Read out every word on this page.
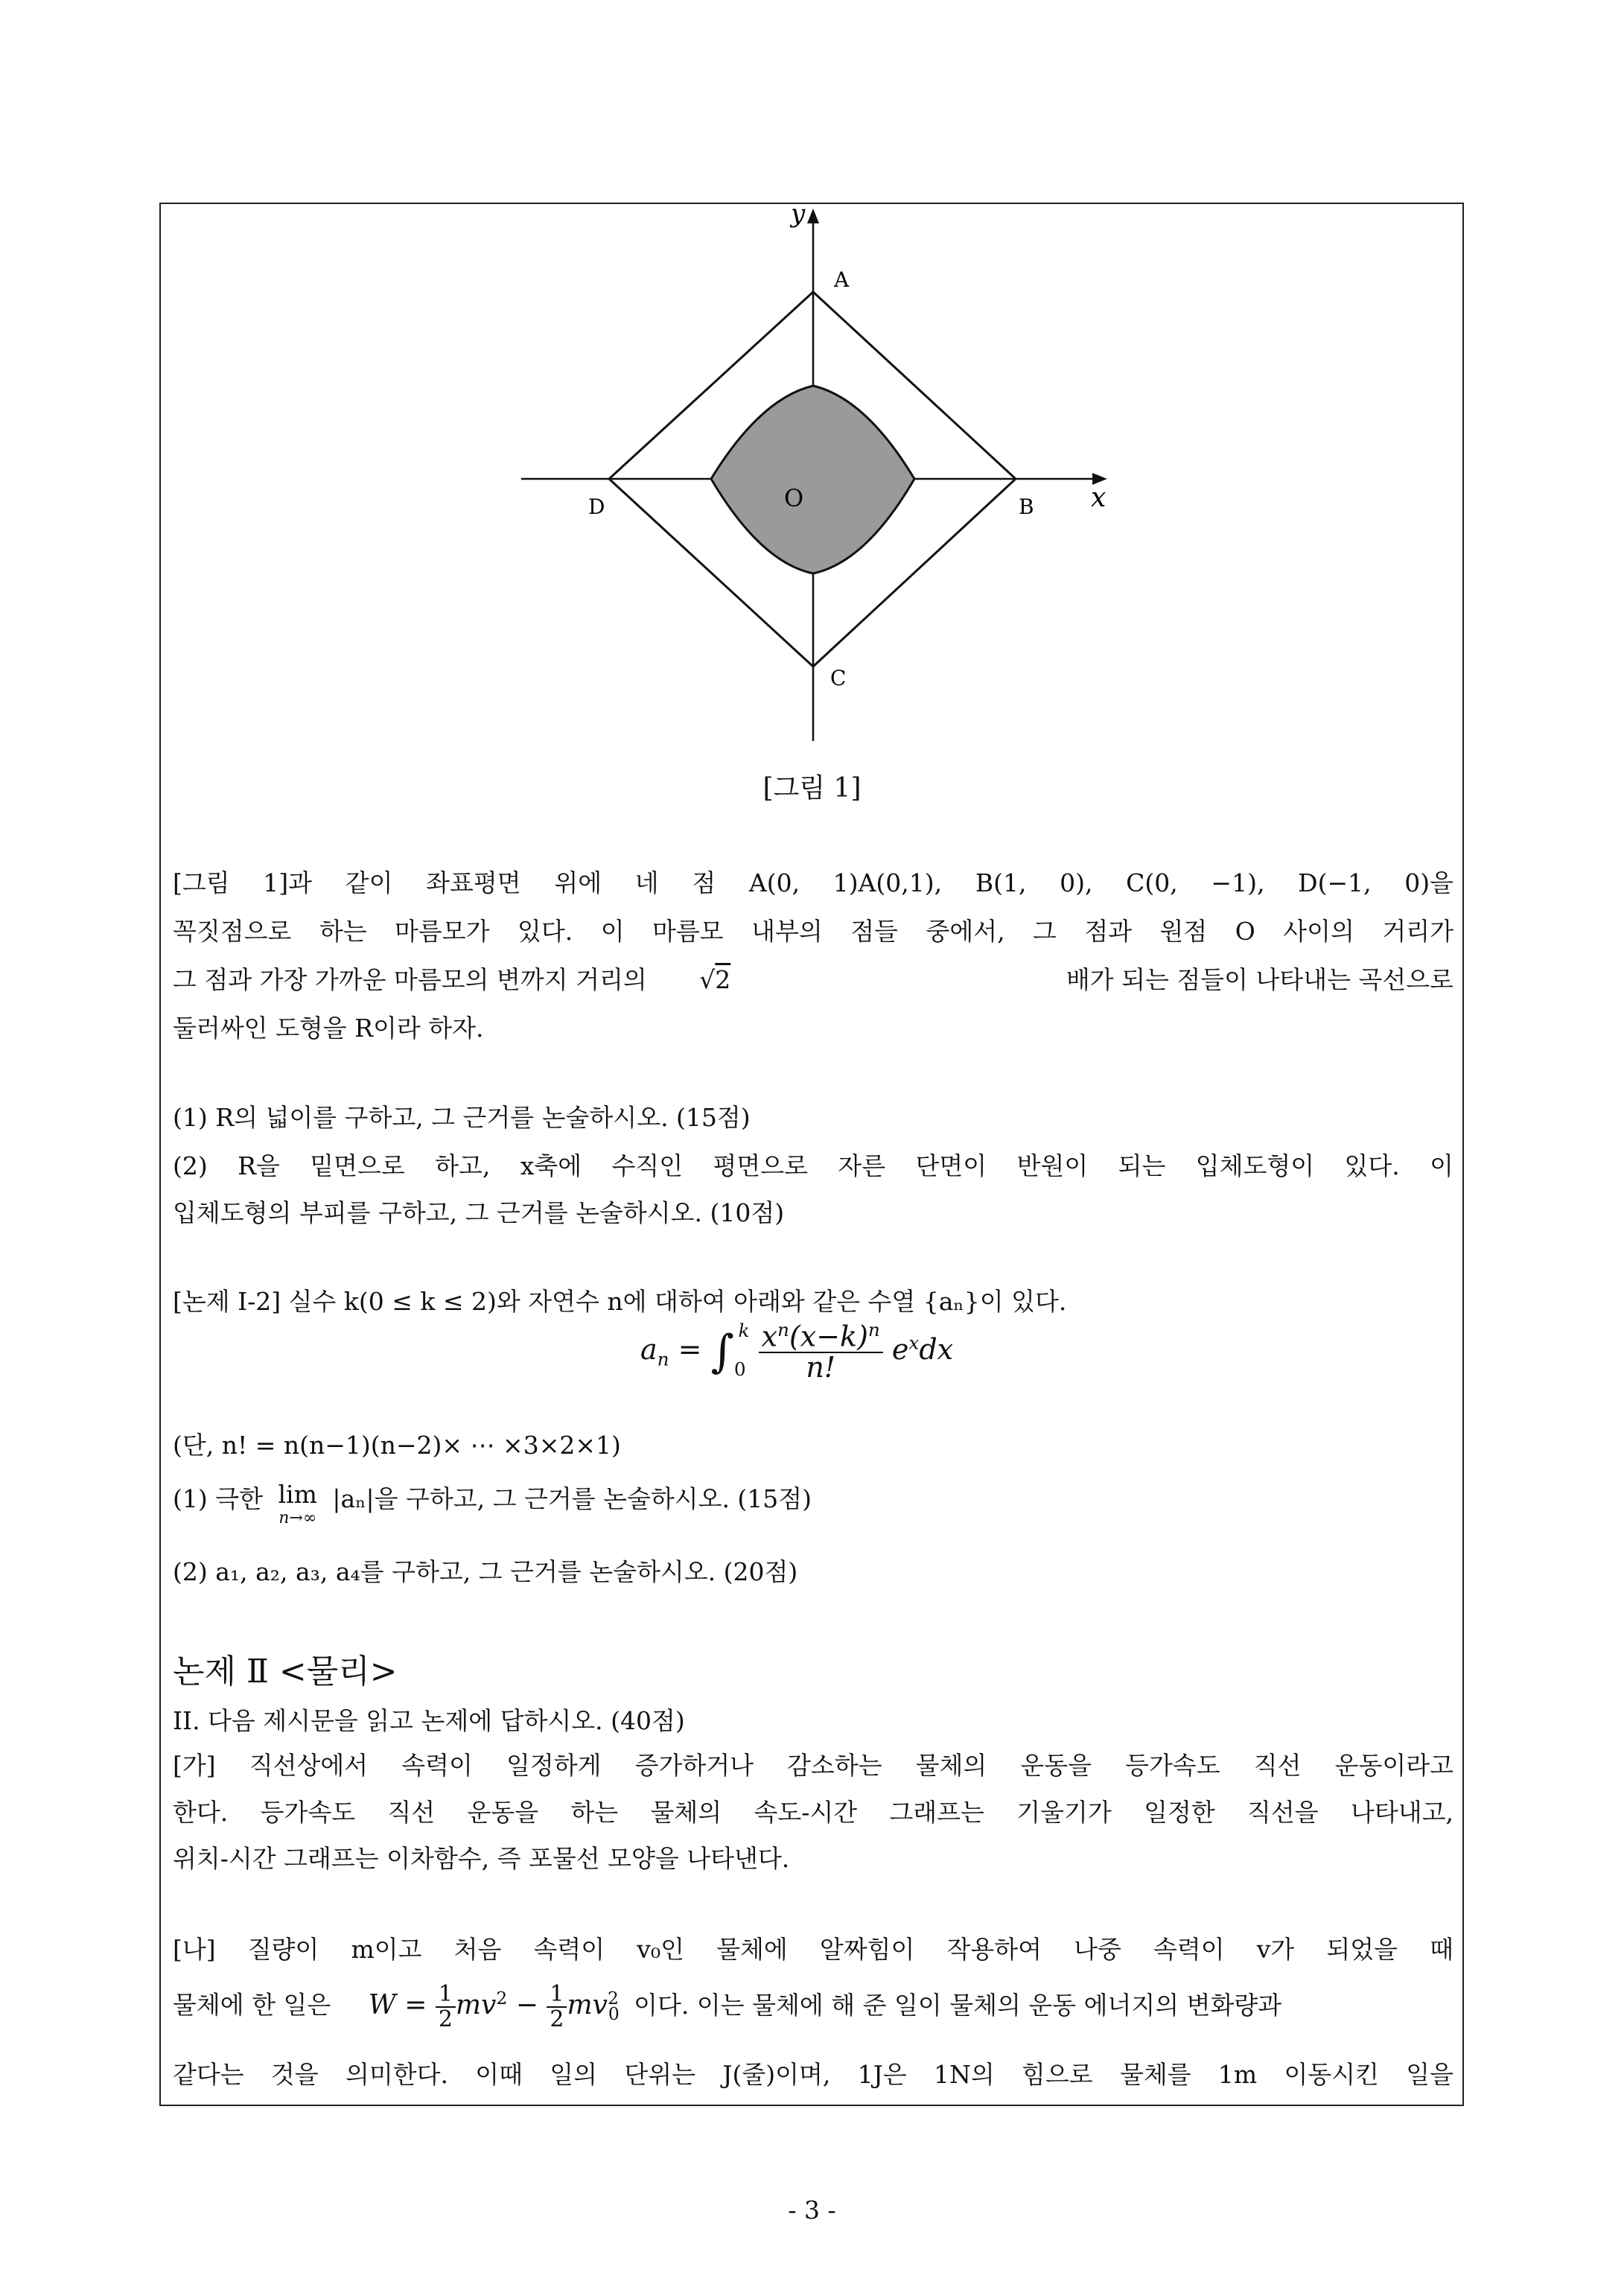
y
x
A
B
C
D	O
[그림 1]
[그림 1]과 같이 좌표평면 위에 네 점 A(0, 1)A(0,1), B(1, 0), C(0, −1), D(−1, 0)을
꼭짓점으로 하는 마름모가 있다. 이 마름모 내부의 점들 중에서, 그 점과 원점 O 사이의 거리가
그 점과 가장 가까운 마름모의 변까지 거리의 √2	배가 되는 점들이 나타내는 곡선으로
둘러싸인 도형을 R이라 하자.
(1) R의 넓이를 구하고, 그 근거를 논술하시오. (15점)
(2) R을 밑면으로 하고, x축에 수직인 평면으로 자른 단면이 반원이 되는 입체도형이 있다. 이
입체도형의 부피를 구하고, 그 근거를 논술하시오. (10점)
[논제 I-2] 실수 k(0 ≤ k ≤ 2)와 자연수 n에 대하여 아래와 같은 수열 {aₙ}이 있다.
$a_n = \int_0^k \frac{x^n(x-k)^n}{n!} e^xdx$
(단, n! = n(n−1)(n−2)× ⋯ ×3×2×1)
(1) 극한 lim
n→∞
|aₙ|을 구하고, 그 근거를 논술하시오. (15점)
(2) a₁, a₂, a₃, a₄를 구하고, 그 근거를 논술하시오. (20점)
논제 Ⅱ <물리>
II. 다음 제시문을 읽고 논제에 답하시오. (40점)
[가] 직선상에서 속력이 일정하게 증가하거나 감소하는 물체의 운동을 등가속도 직선 운동이라고
한다. 등가속도 직선 운동을 하는 물체의 속도-시간 그래프는 기울기가 일정한 직선을 나타내고,
위치-시간 그래프는 이차함수, 즉 포물선 모양을 나타낸다.
[나] 질량이 m이고 처음 속력이 v₀인 물체에 알짜힘이 작용하여 나중 속력이 v가 되었을 때
물체에 한 일은 $W = \frac{1}{2} mv^2 - \frac{1}{2} mv^2_0$ 이다. 이는 물체에 해 준 일이 물체의 운동 에너지의 변화량과
같다는 것을 의미한다. 이때 일의 단위는 J(줄)이며, 1J은 1N의 힘으로 물체를 1m 이동시킨 일을
- 3 -
